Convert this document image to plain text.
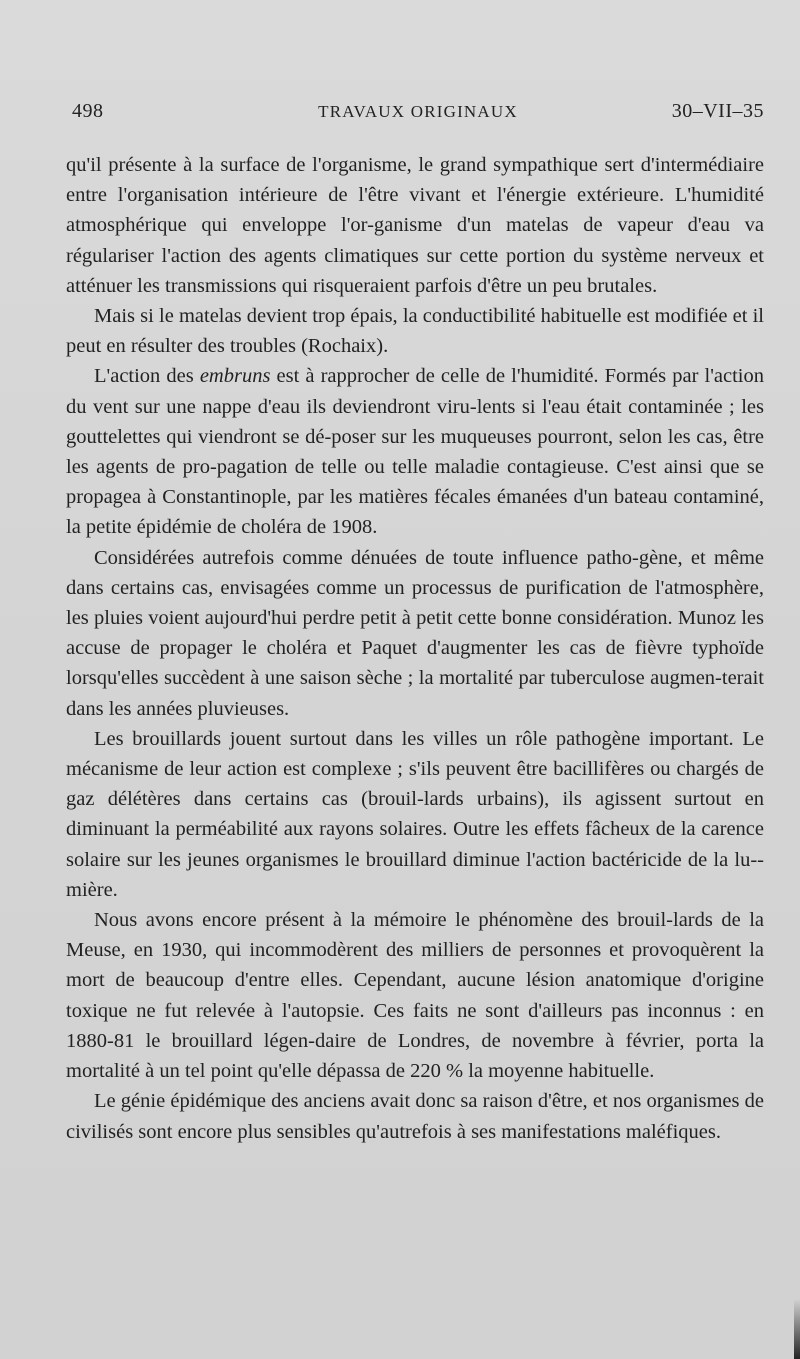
498	TRAVAUX ORIGINAUX	30–VII–35

qu'il présente à la surface de l'organisme, le grand sympathique sert d'intermédiaire entre l'organisation intérieure de l'être vivant et l'énergie extérieure. L'humidité atmosphérique qui enveloppe l'or-ganisme d'un matelas de vapeur d'eau va régulariser l'action des agents climatiques sur cette portion du système nerveux et atténuer les transmissions qui risqueraient parfois d'être un peu brutales.

Mais si le matelas devient trop épais, la conductibilité habituelle est modifiée et il peut en résulter des troubles (Rochaix).

L'action des embruns est à rapprocher de celle de l'humidité. Formés par l'action du vent sur une nappe d'eau ils deviendront viru-lents si l'eau était contaminée ; les gouttelettes qui viendront se dé-poser sur les muqueuses pourront, selon les cas, être les agents de pro-pagation de telle ou telle maladie contagieuse. C'est ainsi que se propagea à Constantinople, par les matières fécales émanées d'un bateau contaminé, la petite épidémie de choléra de 1908.

Considérées autrefois comme dénuées de toute influence patho-gène, et même dans certains cas, envisagées comme un processus de purification de l'atmosphère, les pluies voient aujourd'hui perdre petit à petit cette bonne considération. Munoz les accuse de propager le choléra et Paquet d'augmenter les cas de fièvre typhoïde lorsqu'elles succèdent à une saison sèche ; la mortalité par tuberculose augmen-terait dans les années pluvieuses.

Les brouillards jouent surtout dans les villes un rôle pathogène important. Le mécanisme de leur action est complexe ; s'ils peuvent être bacillifères ou chargés de gaz délétères dans certains cas (brouil-lards urbains), ils agissent surtout en diminuant la perméabilité aux rayons solaires. Outre les effets fâcheux de la carence solaire sur les jeunes organismes le brouillard diminue l'action bactéricide de la lu-mière.

Nous avons encore présent à la mémoire le phénomène des brouil-lards de la Meuse, en 1930, qui incommodèrent des milliers de personnes et provoquèrent la mort de beaucoup d'entre elles. Cependant, aucune lésion anatomique d'origine toxique ne fut relevée à l'autopsie. Ces faits ne sont d'ailleurs pas inconnus : en 1880-81 le brouillard légen-daire de Londres, de novembre à février, porta la mortalité à un tel point qu'elle dépassa de 220 % la moyenne habituelle.

Le génie épidémique des anciens avait donc sa raison d'être, et nos organismes de civilisés sont encore plus sensibles qu'autrefois à ses manifestations maléfiques.
